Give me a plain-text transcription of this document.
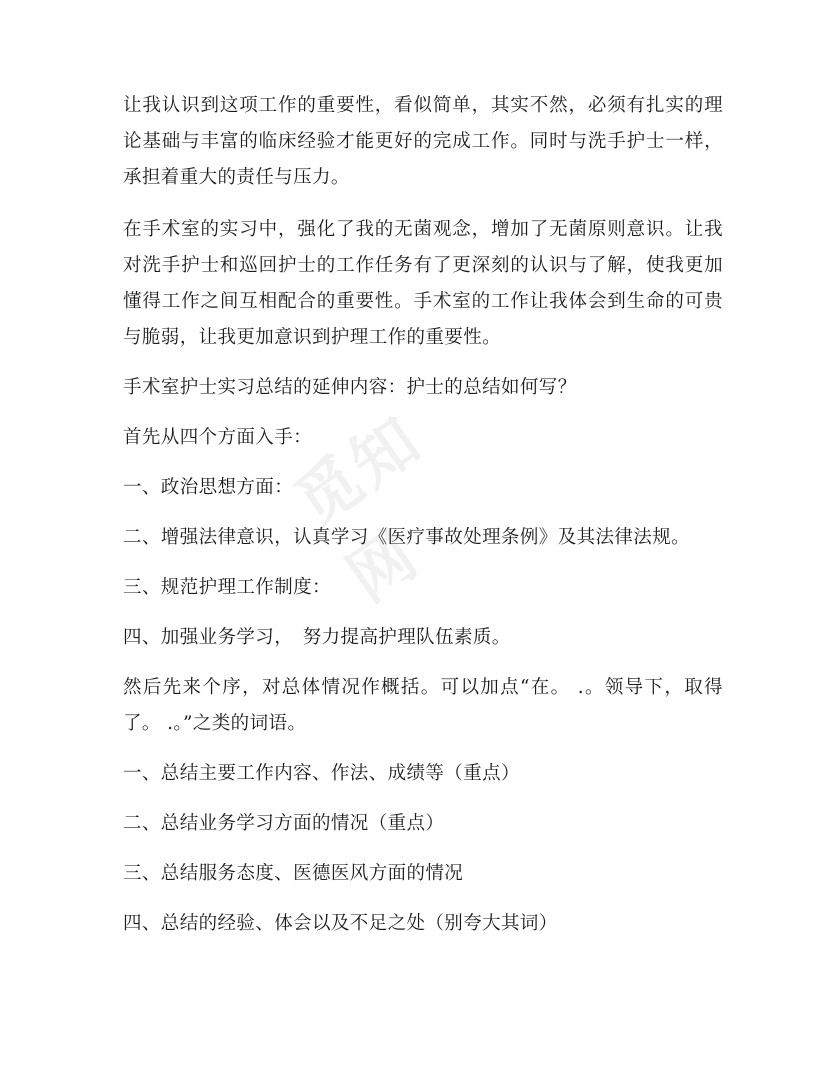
觅知网

让我认识到这项工作的重要性，看似简单，其实不然，必须有扎实的理论基础与丰富的临床经验才能更好的完成工作。同时与洗手护士一样，承担着重大的责任与压力。

在手术室的实习中，强化了我的无菌观念，增加了无菌原则意识。让我对洗手护士和巡回护士的工作任务有了更深刻的认识与了解，使我更加懂得工作之间互相配合的重要性。手术室的工作让我体会到生命的可贵与脆弱，让我更加意识到护理工作的重要性。

手术室护士实习总结的延伸内容：护士的总结如何写？

首先从四个方面入手：

一、政治思想方面：

二、增强法律意识，认真学习《医疗事故处理条例》及其法律法规。

三、规范护理工作制度：

四、加强业务学习，　努力提高护理队伍素质。

然后先来个序，对总体情况作概括。可以加点“在。 .。领导下，取得了。 .。”之类的词语。

一、总结主要工作内容、作法、成绩等（重点）

二、总结业务学习方面的情况（重点）

三、总结服务态度、医德医风方面的情况

四、总结的经验、体会以及不足之处（别夸大其词）
